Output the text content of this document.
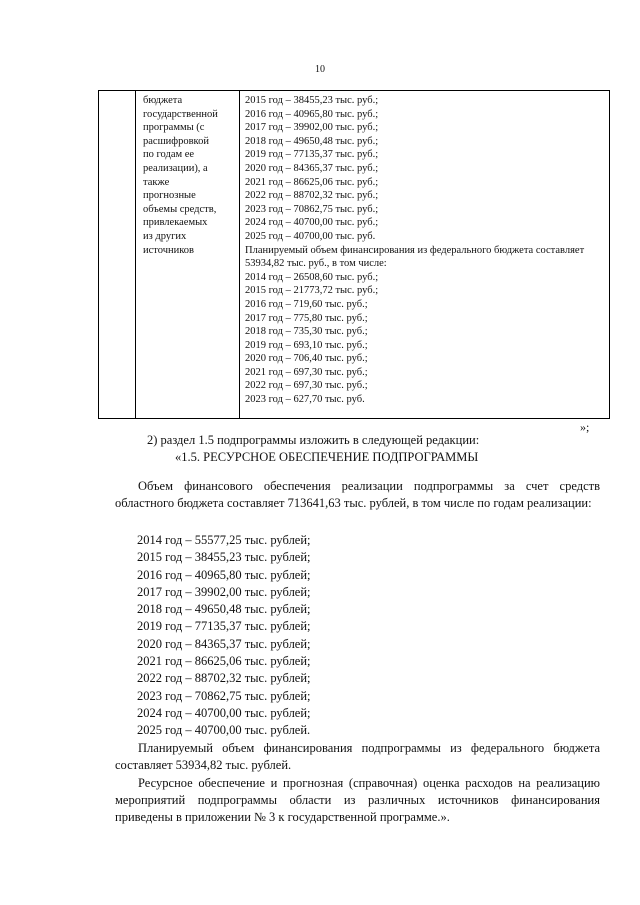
10
бюджета
государственной
программы (с
расшифровкой
по годам ее
реализации), а
также
прогнозные
объемы средств,
привлекаемых
из других
источников
2015 год – 38455,23 тыс. руб.;
2016 год – 40965,80 тыс. руб.;
2017 год – 39902,00 тыс. руб.;
2018 год – 49650,48 тыс. руб.;
2019 год – 77135,37 тыс. руб.;
2020 год – 84365,37 тыс. руб.;
2021 год – 86625,06 тыс. руб.;
2022 год – 88702,32 тыс. руб.;
2023 год – 70862,75 тыс. руб.;
2024 год – 40700,00 тыс. руб.;
2025 год – 40700,00 тыс. руб.
Планируемый объем финансирования из федерального бюджета составляет 53934,82 тыс. руб., в том числе:
2014 год – 26508,60 тыс. руб.;
2015 год – 21773,72 тыс. руб.;
2016 год – 719,60 тыс. руб.;
2017 год – 775,80 тыс. руб.;
2018 год – 735,30 тыс. руб.;
2019 год – 693,10 тыс. руб.;
2020 год – 706,40 тыс. руб.;
2021 год – 697,30 тыс. руб.;
2022 год – 697,30 тыс. руб.;
2023 год – 627,70 тыс. руб.
»;
2) раздел 1.5 подпрограммы изложить в следующей редакции:
«1.5. РЕСУРСНОЕ ОБЕСПЕЧЕНИЕ ПОДПРОГРАММЫ
Объем финансового обеспечения реализации подпрограммы за счет средств областного бюджета составляет 713641,63 тыс. рублей, в том числе по годам реализации:
2014 год – 55577,25 тыс. рублей;
2015 год – 38455,23 тыс. рублей;
2016 год – 40965,80 тыс. рублей;
2017 год – 39902,00 тыс. рублей;
2018 год – 49650,48 тыс. рублей;
2019 год – 77135,37 тыс. рублей;
2020 год – 84365,37 тыс. рублей;
2021 год – 86625,06 тыс. рублей;
2022 год – 88702,32 тыс. рублей;
2023 год – 70862,75 тыс. рублей;
2024 год – 40700,00 тыс. рублей;
2025 год – 40700,00 тыс. рублей.
Планируемый объем финансирования подпрограммы из федерального бюджета составляет 53934,82 тыс. рублей.
Ресурсное обеспечение и прогнозная (справочная) оценка расходов на реализацию мероприятий подпрограммы области из различных источников финансирования приведены в приложении № 3 к государственной программе.».
